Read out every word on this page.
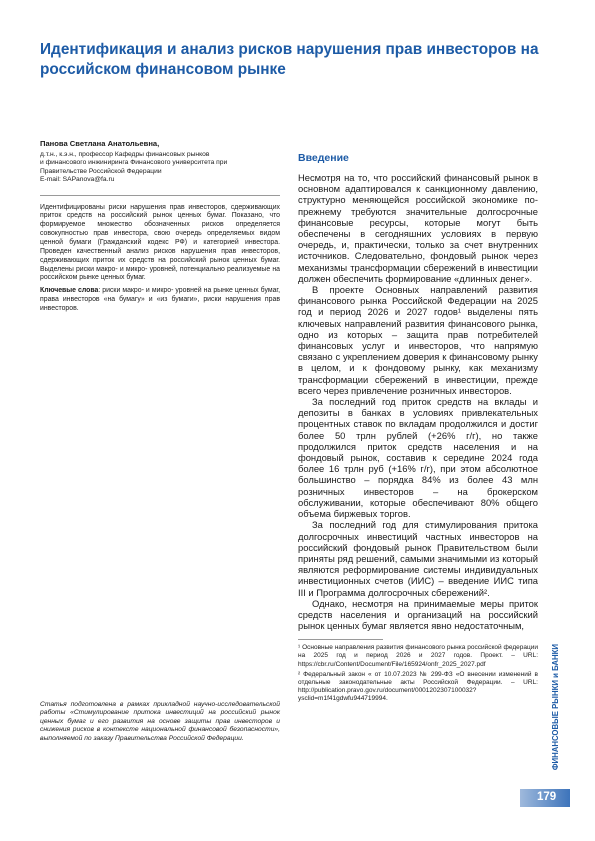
Идентификация и анализ рисков нарушения прав инвесторов на российском финансовом рынке
Панова Светлана Анатольевна,
д.т.н., к.э.н., профессор Кафедры финансовых рынков
и финансового инжиниринга Финансового университета при
Правительстве Российской Федерации
E-mail: SAPanova@fa.ru
Идентифицированы риски нарушения прав инвесторов, сдерживающих приток средств на российский рынок ценных бумаг. Показано, что формируемое множество обозначенных рисков определяется совокупностью прав инвестора, свою очередь определяемых видом ценной бумаги (Гражданский кодекс РФ) и категорией инвестора. Проведен качественный анализ рисков нарушения прав инвесторов, сдерживающих приток их средств на российский рынок ценных бумаг. Выделены риски макро- и микро- уровней, потенциально реализуемые на российском рынке ценных бумаг.
Ключевые слова: риски макро- и микро- уровней на рынке ценных бумаг, права инвесторов «на бумагу» и «из бумаги», риски нарушения прав инвесторов.
Статья подготовлена в рамках прикладной научно-исследовательской работы «Стимулирование притока инвестиций на российский рынок ценных бумаг и его развития на основе защиты прав инвесторов и снижения рисков в контексте национальной финансовой безопасности», выполняемой по заказу Правительства Российской Федерации.
Введение

Несмотря на то, что российский финансовый рынок в основном адаптировался к санкционному давлению, структурно меняющейся российской экономике по-прежнему требуются значительные долгосрочные финансовые ресурсы, которые могут быть обеспечены в сегодняшних условиях в первую очередь, и, практически, только за счет внутренних источников. Следовательно, фондовый рынок через механизмы трансформации сбережений в инвестиции должен обеспечить формирование «длинных денег».

В проекте Основных направлений развития финансового рынка Российской Федерации на 2025 год и период 2026 и 2027 годов¹ выделены пять ключевых направлений развития финансового рынка, одно из которых – защита прав потребителей финансовых услуг и инвесторов, что напрямую связано с укреплением доверия к финансовому рынку в целом, и к фондовому рынку, как механизму трансформации сбережений в инвестиции, прежде всего через привлечение розничных инвесторов.

За последний год приток средств на вклады и депозиты в банках в условиях привлекательных процентных ставок по вкладам продолжился и достиг более 50 трлн рублей (+26% г/г), но также продолжился приток средств населения и на фондовый рынок, составив к середине 2024 года более 16 трлн руб (+16% г/г), при этом абсолютное большинство – порядка 84% из более 43 млн розничных инвесторов – на брокерском обслуживании, которые обеспечивают 80% общего объема биржевых торгов.

За последний год для стимулирования притока долгосрочных инвестиций частных инвесторов на российский фондовый рынок Правительством были приняты ряд решений, самыми значимыми из который являются реформирование системы индивидуальных инвестиционных счетов (ИИС) – введение ИИС типа III и Программа долгосрочных сбережений².

Однако, несмотря на принимаемые меры приток средств населения и организаций на российский рынок ценных бумаг является явно недостаточным,

¹ Основные направления развития финансового рынка российской федерации на 2025 год и период 2026 и 2027 годов. Проект. – URL: https://cbr.ru/Content/Document/File/165924/onfr_2025_2027.pdf
² Федеральный закон « от 10.07.2023 № 299-ФЗ «О внесении изменений в отдельные законодательные акты Российской Федерации. – URL: http://publication.pravo.gov.ru/document/0001202307100032?ysclid=m1f41gdwfu944719994.	ФИНАНСОВЫЕ РЫНКИ и БАНКИ
179
